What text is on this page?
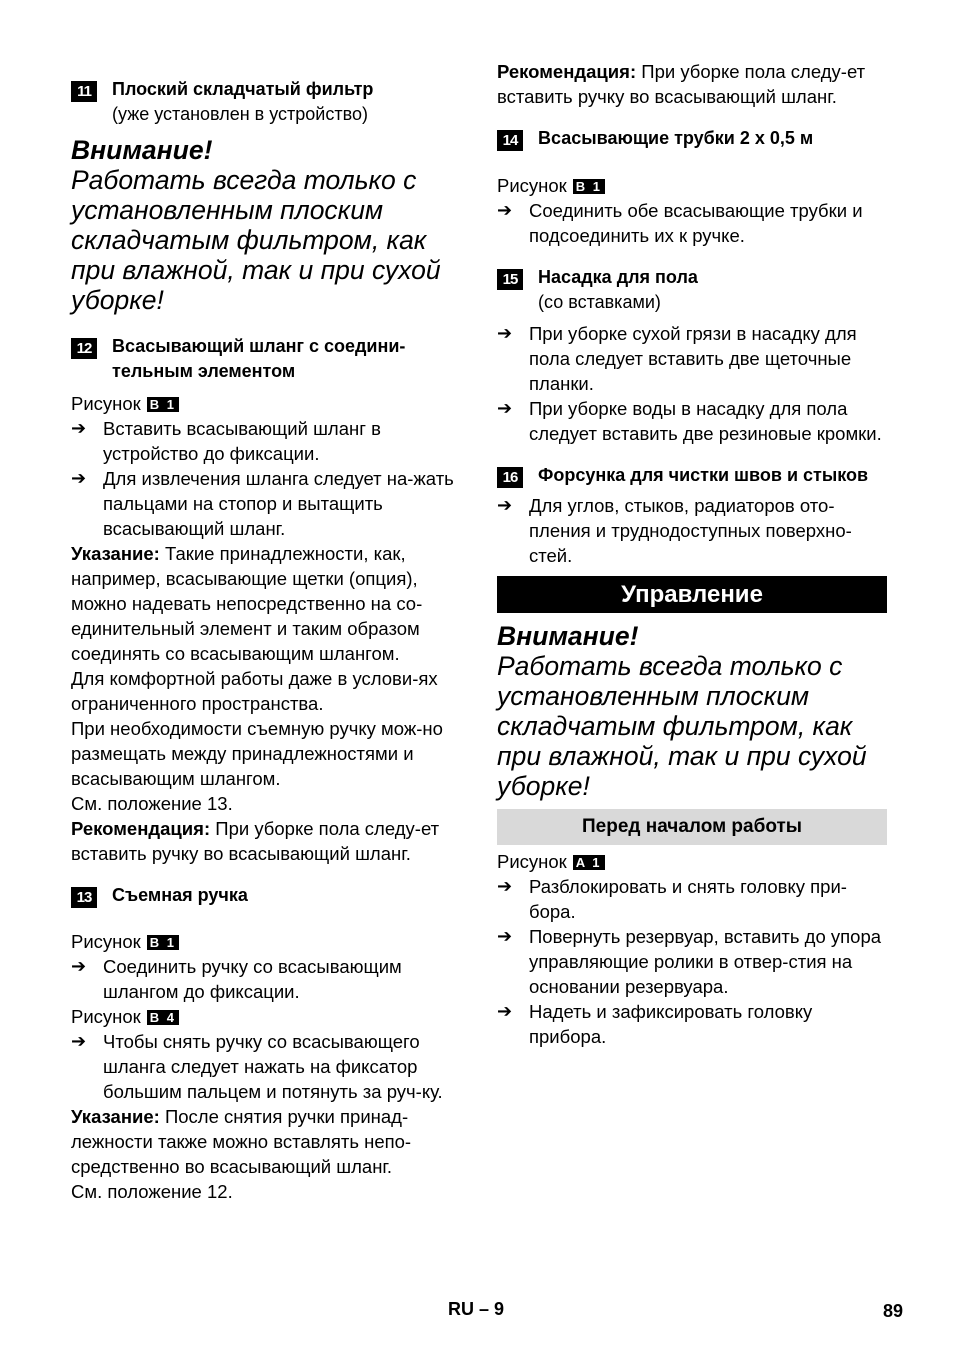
11	Плоский складчатый фильтр
(уже установлен в устройство)
Внимание!
Работать всегда только с установленным плоским складчатым фильтром, как при влажной, так и при сухой уборке!
12	Всасывающий шланг с соедини-тельным элементом
Рисунок B 1
➔ Вставить всасывающий шланг в устройство до фиксации.
➔ Для извлечения шланга следует на-жать пальцами на стопор и вытащить всасывающий шланг.
Указание: Такие принадлежности, как, например, всасывающие щетки (опция), можно надевать непосредственно на со-единительный элемент и таким образом соединять со всасывающим шлангом.
Для комфортной работы даже в услови-ях ограниченного пространства.
При необходимости съемную ручку мож-но размещать между принадлежностями и всасывающим шлангом.
См. положение 13.
Рекомендация: При уборке пола следу-ет вставить ручку во всасывающий шланг.
13	Съемная ручка
Рисунок B 1
➔ Соединить ручку со всасывающим шлангом до фиксации.
Рисунок B 4
➔ Чтобы снять ручку со всасывающего шланга следует нажать на фиксатор большим пальцем и потянуть за руч-ку.
Указание: После снятия ручки принад-лежности также можно вставлять непо-средственно во всасывающий шланг.
См. положение 12.
Рекомендация: При уборке пола следу-ет вставить ручку во всасывающий шланг.
14	Всасывающие трубки 2 x 0,5 м
Рисунок B 1
➔ Соединить обе всасывающие трубки и подсоединить их к ручке.
15	Насадка для пола
(со вставками)
➔ При уборке сухой грязи в насадку для пола следует вставить две щеточные планки.
➔ При уборке воды в насадку для пола следует вставить две резиновые кромки.
16	Форсунка для чистки швов и стыков
➔ Для углов, стыков, радиаторов ото-пления и труднодоступных поверхно-стей.
Управление
Внимание!
Работать всегда только с установленным плоским складчатым фильтром, как при влажной, так и при сухой уборке!
Перед началом работы
Рисунок A 1
➔ Разблокировать и снять головку при-бора.
➔ Повернуть резервуар, вставить до упора управляющие ролики в отвер-стия на основании резервуара.
➔ Надеть и зафиксировать головку прибора.
RU – 9	89
